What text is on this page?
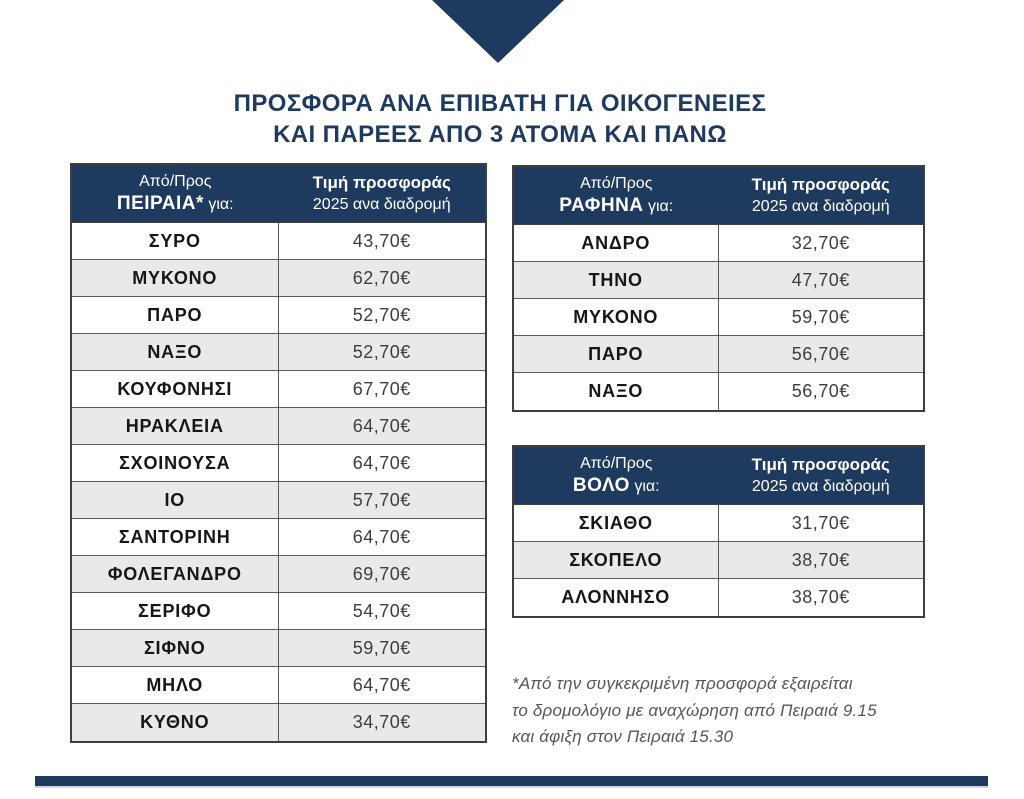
ΠΡΟΣΦΟΡΑ ΑΝΑ ΕΠΙΒΑΤΗ ΓΙΑ ΟΙΚΟΓΕΝΕΙΕΣ
ΚΑΙ ΠΑΡΕΕΣ ΑΠΟ 3 ΑΤΟΜΑ ΚΑΙ ΠΑΝΩ
Από/Προς
ΠΕΙΡΑΙΑ* για:
Τιμή προσφοράς
2025 ανα διαδρομή
ΣΥΡΟ	43,70€
ΜΥΚΟΝΟ	62,70€
ΠΑΡΟ	52,70€
ΝΑΞΟ	52,70€
ΚΟΥΦΟΝΗΣΙ	67,70€
ΗΡΑΚΛΕΙΑ	64,70€
ΣΧΟΙΝΟΥΣΑ	64,70€
ΙΟ	57,70€
ΣΑΝΤΟΡΙΝΗ	64,70€
ΦΟΛΕΓΑΝΔΡΟ	69,70€
ΣΕΡΙΦΟ	54,70€
ΣΙΦΝΟ	59,70€
ΜΗΛΟ	64,70€
ΚΥΘΝΟ	34,70€
Από/Προς
ΡΑΦΗΝΑ για:
Τιμή προσφοράς
2025 ανα διαδρομή
ΑΝΔΡΟ	32,70€
ΤΗΝΟ	47,70€
ΜΥΚΟΝΟ	59,70€
ΠΑΡΟ	56,70€
ΝΑΞΟ	56,70€
Από/Προς
ΒΟΛΟ για:
Τιμή προσφοράς
2025 ανα διαδρομή
ΣΚΙΑΘΟ	31,70€
ΣΚΟΠΕΛΟ	38,70€
ΑΛΟΝΝΗΣΟ	38,70€
*Από την συγκεκριμένη προσφορά εξαιρείται
το δρομολόγιο με αναχώρηση από Πειραιά 9.15
και άφιξη στον Πειραιά 15.30
